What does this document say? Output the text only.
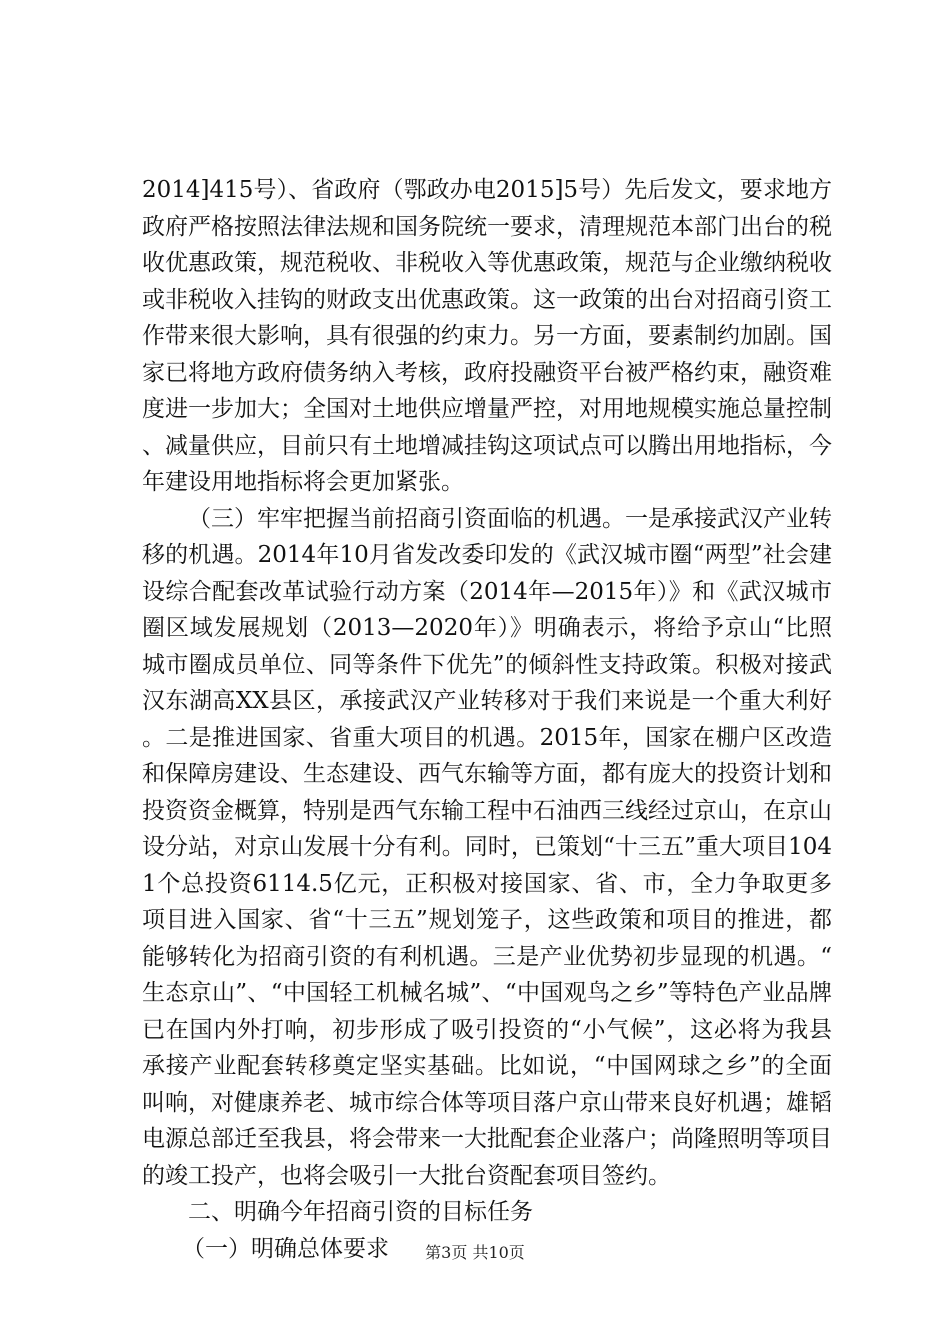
2014]415号）、省政府（鄂政办电2015]5号）先后发文，要求地方政府严格按照法律法规和国务院统一要求，清理规范本部门出台的税收优惠政策，规范税收、非税收入等优惠政策，规范与企业缴纳税收或非税收入挂钩的财政支出优惠政策。这一政策的出台对招商引资工作带来很大影响，具有很强的约束力。另一方面，要素制约加剧。国家已将地方政府债务纳入考核，政府投融资平台被严格约束，融资难度进一步加大；全国对土地供应增量严控，对用地规模实施总量控制、减量供应，目前只有土地增减挂钩这项试点可以腾出用地指标，今年建设用地指标将会更加紧张。

（三）牢牢把握当前招商引资面临的机遇。一是承接武汉产业转移的机遇。2014年10月省发改委印发的《武汉城市圈“两型”社会建设综合配套改革试验行动方案（2014年—2015年）》和《武汉城市圈区域发展规划（2013—2020年）》明确表示，将给予京山“比照城市圈成员单位、同等条件下优先”的倾斜性支持政策。积极对接武汉东湖高XX县区，承接武汉产业转移对于我们来说是一个重大利好。二是推进国家、省重大项目的机遇。2015年，国家在棚户区改造和保障房建设、生态建设、西气东输等方面，都有庞大的投资计划和投资资金概算，特别是西气东输工程中石油西三线经过京山，在京山设分站，对京山发展十分有利。同时，已策划“十三五”重大项目1041个总投资6114.5亿元，正积极对接国家、省、市，全力争取更多项目进入国家、省“十三五”规划笼子，这些政策和项目的推进，都能够转化为招商引资的有利机遇。三是产业优势初步显现的机遇。“生态京山”、“中国轻工机械名城”、“中国观鸟之乡”等特色产业品牌已在国内外打响，初步形成了吸引投资的“小气候”，这必将为我县承接产业配套转移奠定坚实基础。比如说，“中国网球之乡”的全面叫响，对健康养老、城市综合体等项目落户京山带来良好机遇；雄韬电源总部迁至我县，将会带来一大批配套企业落户；尚隆照明等项目的竣工投产，也将会吸引一大批台资配套项目签约。

二、明确今年招商引资的目标任务

（一）明确总体要求	第3页 共10页
